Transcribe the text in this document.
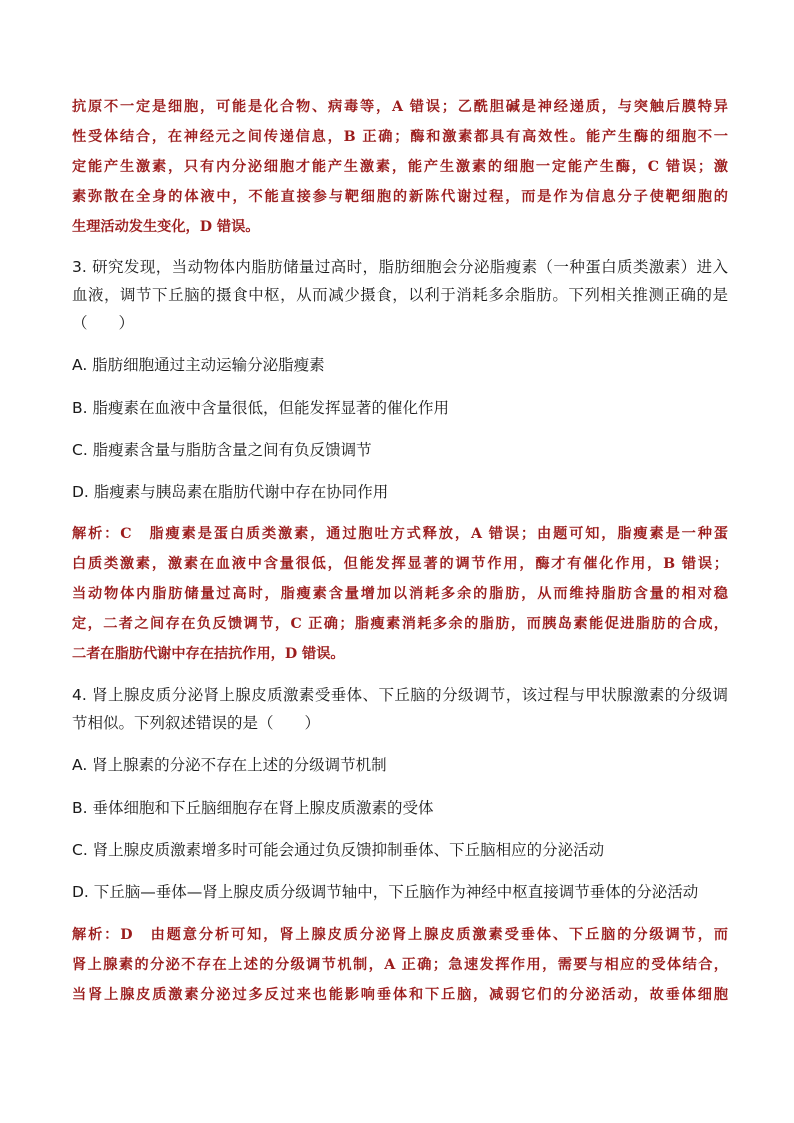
抗原不一定是细胞，可能是化合物、病毒等，A 错误；乙酰胆碱是神经递质，与突触后膜特异
性受体结合，在神经元之间传递信息，B 正确；酶和激素都具有高效性。能产生酶的细胞不一
定能产生激素，只有内分泌细胞才能产生激素，能产生激素的细胞一定能产生酶，C 错误；激
素弥散在全身的体液中，不能直接参与靶细胞的新陈代谢过程，而是作为信息分子使靶细胞的
生理活动发生变化，D 错误。
3. 研究发现，当动物体内脂肪储量过高时，脂肪细胞会分泌脂瘦素（一种蛋白质类激素）进入
血液，调节下丘脑的摄食中枢，从而减少摄食，以利于消耗多余脂肪。下列相关推测正确的是
（　　）
A. 脂肪细胞通过主动运输分泌脂瘦素
B. 脂瘦素在血液中含量很低，但能发挥显著的催化作用
C. 脂瘦素含量与脂肪含量之间有负反馈调节
D. 脂瘦素与胰岛素在脂肪代谢中存在协同作用
解析：C　脂瘦素是蛋白质类激素，通过胞吐方式释放，A 错误；由题可知，脂瘦素是一种蛋
白质类激素，激素在血液中含量很低，但能发挥显著的调节作用，酶才有催化作用，B 错误；
当动物体内脂肪储量过高时，脂瘦素含量增加以消耗多余的脂肪，从而维持脂肪含量的相对稳
定，二者之间存在负反馈调节，C 正确；脂瘦素消耗多余的脂肪，而胰岛素能促进脂肪的合成，
二者在脂肪代谢中存在拮抗作用，D 错误。
4. 肾上腺皮质分泌肾上腺皮质激素受垂体、下丘脑的分级调节，该过程与甲状腺激素的分级调
节相似。下列叙述错误的是（　　）
A. 肾上腺素的分泌不存在上述的分级调节机制
B. 垂体细胞和下丘脑细胞存在肾上腺皮质激素的受体
C. 肾上腺皮质激素增多时可能会通过负反馈抑制垂体、下丘脑相应的分泌活动
D. 下丘脑—垂体—肾上腺皮质分级调节轴中，下丘脑作为神经中枢直接调节垂体的分泌活动
解析：D　由题意分析可知，肾上腺皮质分泌肾上腺皮质激素受垂体、下丘脑的分级调节，而
肾上腺素的分泌不存在上述的分级调节机制，A 正确；急速发挥作用，需要与相应的受体结合，
当肾上腺皮质激素分泌过多反过来也能影响垂体和下丘脑，减弱它们的分泌活动，故垂体细胞
